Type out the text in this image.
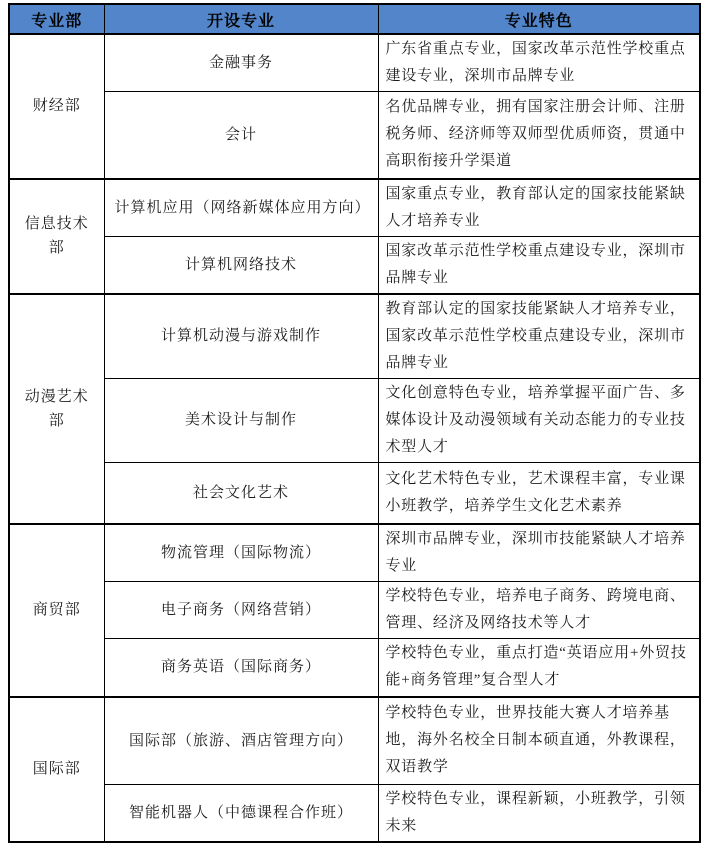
专业部	开设专业	专业特色
财经部	金融事务	广东省重点专业，国家改革示范性学校重点建设专业，深圳市品牌专业
	会计	名优品牌专业，拥有国家注册会计师、注册税务师、经济师等双师型优质师资，贯通中高职衔接升学渠道
信息技术部	计算机应用（网络新媒体应用方向）	国家重点专业，教育部认定的国家技能紧缺人才培养专业
	计算机网络技术	国家改革示范性学校重点建设专业，深圳市品牌专业
动漫艺术部	计算机动漫与游戏制作	教育部认定的国家技能紧缺人才培养专业，国家改革示范性学校重点建设专业，深圳市品牌专业
	美术设计与制作	文化创意特色专业，培养掌握平面广告、多媒体设计及动漫领域有关动态能力的专业技术型人才
	社会文化艺术	文化艺术特色专业，艺术课程丰富，专业课小班教学，培养学生文化艺术素养
商贸部	物流管理（国际物流）	深圳市品牌专业，深圳市技能紧缺人才培养专业
	电子商务（网络营销）	学校特色专业，培养电子商务、跨境电商、管理、经济及网络技术等人才
	商务英语（国际商务）	学校特色专业，重点打造“英语应用+外贸技能+商务管理”复合型人才
国际部	国际部（旅游、酒店管理方向）	学校特色专业，世界技能大赛人才培养基地，海外名校全日制本硕直通，外教课程，双语教学
	智能机器人（中德课程合作班）	学校特色专业，课程新颖，小班教学，引领未来
